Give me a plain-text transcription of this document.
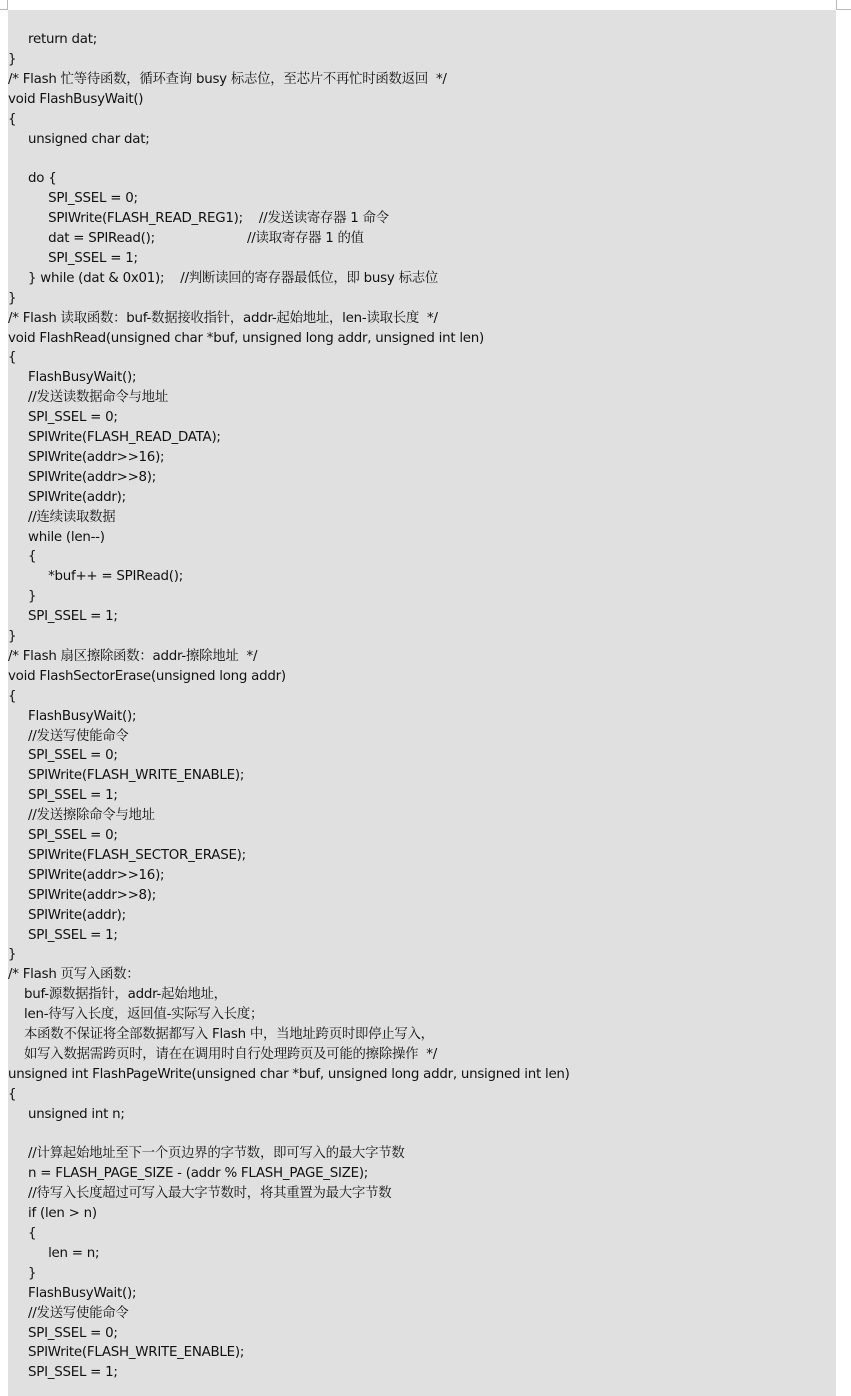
return dat;
}
/* Flash 忙等待函数，循环查询 busy 标志位，至芯片不再忙时函数返回  */
void FlashBusyWait()
{
unsigned char dat;
do {
SPI_SSEL = 0;
SPIWrite(FLASH_READ_REG1);    //发送读寄存器 1 命令
dat = SPIRead();                       //读取寄存器 1 的值
SPI_SSEL = 1;
} while (dat & 0x01);    //判断读回的寄存器最低位，即 busy 标志位
}
/* Flash 读取函数：buf-数据接收指针，addr-起始地址，len-读取长度  */
void FlashRead(unsigned char *buf, unsigned long addr, unsigned int len)
{
FlashBusyWait();
//发送读数据命令与地址
SPI_SSEL = 0;
SPIWrite(FLASH_READ_DATA);
SPIWrite(addr>>16);
SPIWrite(addr>>8);
SPIWrite(addr);
//连续读取数据
while (len--)
{
*buf++ = SPIRead();
}
SPI_SSEL = 1;
}
/* Flash 扇区擦除函数：addr-擦除地址  */
void FlashSectorErase(unsigned long addr)
{
FlashBusyWait();
//发送写使能命令
SPI_SSEL = 0;
SPIWrite(FLASH_WRITE_ENABLE);
SPI_SSEL = 1;
//发送擦除命令与地址
SPI_SSEL = 0;
SPIWrite(FLASH_SECTOR_ERASE);
SPIWrite(addr>>16);
SPIWrite(addr>>8);
SPIWrite(addr);
SPI_SSEL = 1;
}
/* Flash 页写入函数：
buf-源数据指针，addr-起始地址，
len-待写入长度，返回值-实际写入长度；
本函数不保证将全部数据都写入 Flash 中，当地址跨页时即停止写入，
如写入数据需跨页时，请在在调用时自行处理跨页及可能的擦除操作  */
unsigned int FlashPageWrite(unsigned char *buf, unsigned long addr, unsigned int len)
{
unsigned int n;
//计算起始地址至下一个页边界的字节数，即可写入的最大字节数
n = FLASH_PAGE_SIZE - (addr % FLASH_PAGE_SIZE);
//待写入长度超过可写入最大字节数时，将其重置为最大字节数
if (len > n)
{
len = n;
}
FlashBusyWait();
//发送写使能命令
SPI_SSEL = 0;
SPIWrite(FLASH_WRITE_ENABLE);
SPI_SSEL = 1;
